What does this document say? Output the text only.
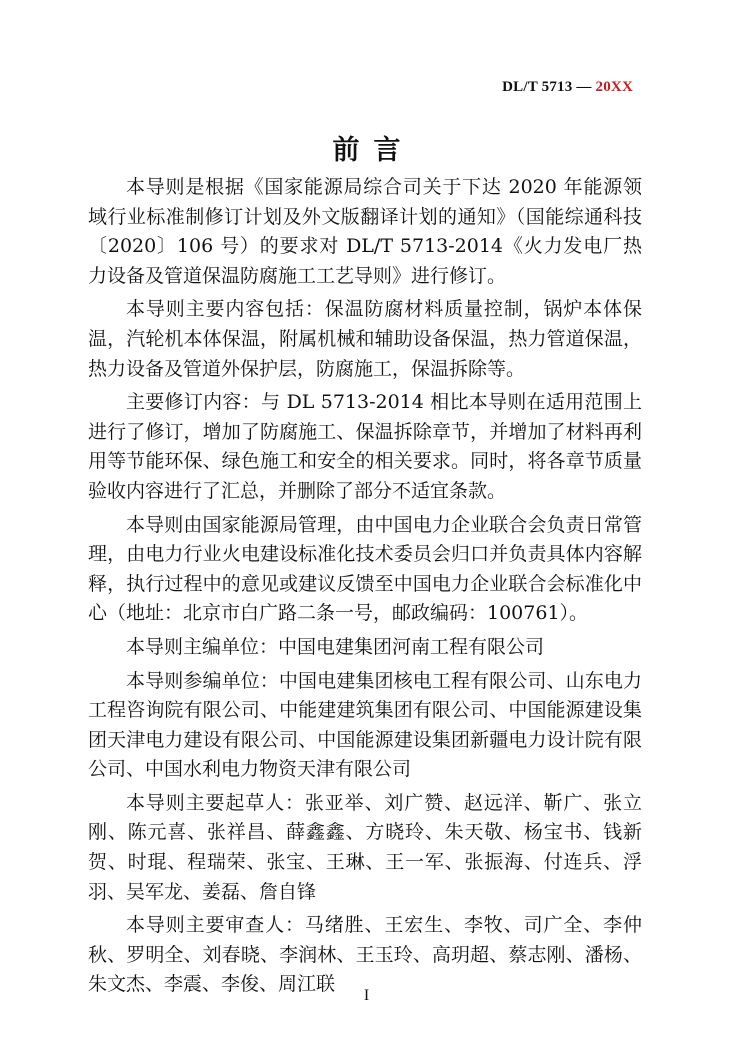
DL/T 5713 — 20XX
前言

本导则是根据《国家能源局综合司关于下达 2020 年能源领域行业标准制修订计划及外文版翻译计划的通知》（国能综通科技〔2020〕106 号）的要求对 DL/T 5713-2014《火力发电厂热力设备及管道保温防腐施工工艺导则》进行修订。

本导则主要内容包括：保温防腐材料质量控制，锅炉本体保温，汽轮机本体保温，附属机械和辅助设备保温，热力管道保温，热力设备及管道外保护层，防腐施工，保温拆除等。

主要修订内容：与 DL 5713-2014 相比本导则在适用范围上进行了修订，增加了防腐施工、保温拆除章节，并增加了材料再利用等节能环保、绿色施工和安全的相关要求。同时，将各章节质量验收内容进行了汇总，并删除了部分不适宜条款。

本导则由国家能源局管理，由中国电力企业联合会负责日常管理，由电力行业火电建设标准化技术委员会归口并负责具体内容解释，执行过程中的意见或建议反馈至中国电力企业联合会标准化中心（地址：北京市白广路二条一号，邮政编码：100761）。

本导则主编单位：中国电建集团河南工程有限公司

本导则参编单位：中国电建集团核电工程有限公司、山东电力工程咨询院有限公司、中能建建筑集团有限公司、中国能源建设集团天津电力建设有限公司、中国能源建设集团新疆电力设计院有限公司、中国水利电力物资天津有限公司

本导则主要起草人：张亚举、刘广赞、赵远洋、靳广、张立刚、陈元喜、张祥昌、薛鑫鑫、方晓玲、朱天敬、杨宝书、钱新贺、时琨、程瑞荣、张宝、王琳、王一军、张振海、付连兵、浮羽、吴军龙、姜磊、詹自锋

本导则主要审查人：马绪胜、王宏生、李牧、司广全、李仲秋、罗明全、刘春晓、李润林、王玉玲、高玥超、蔡志刚、潘杨、朱文杰、李震、李俊、周江联

I
